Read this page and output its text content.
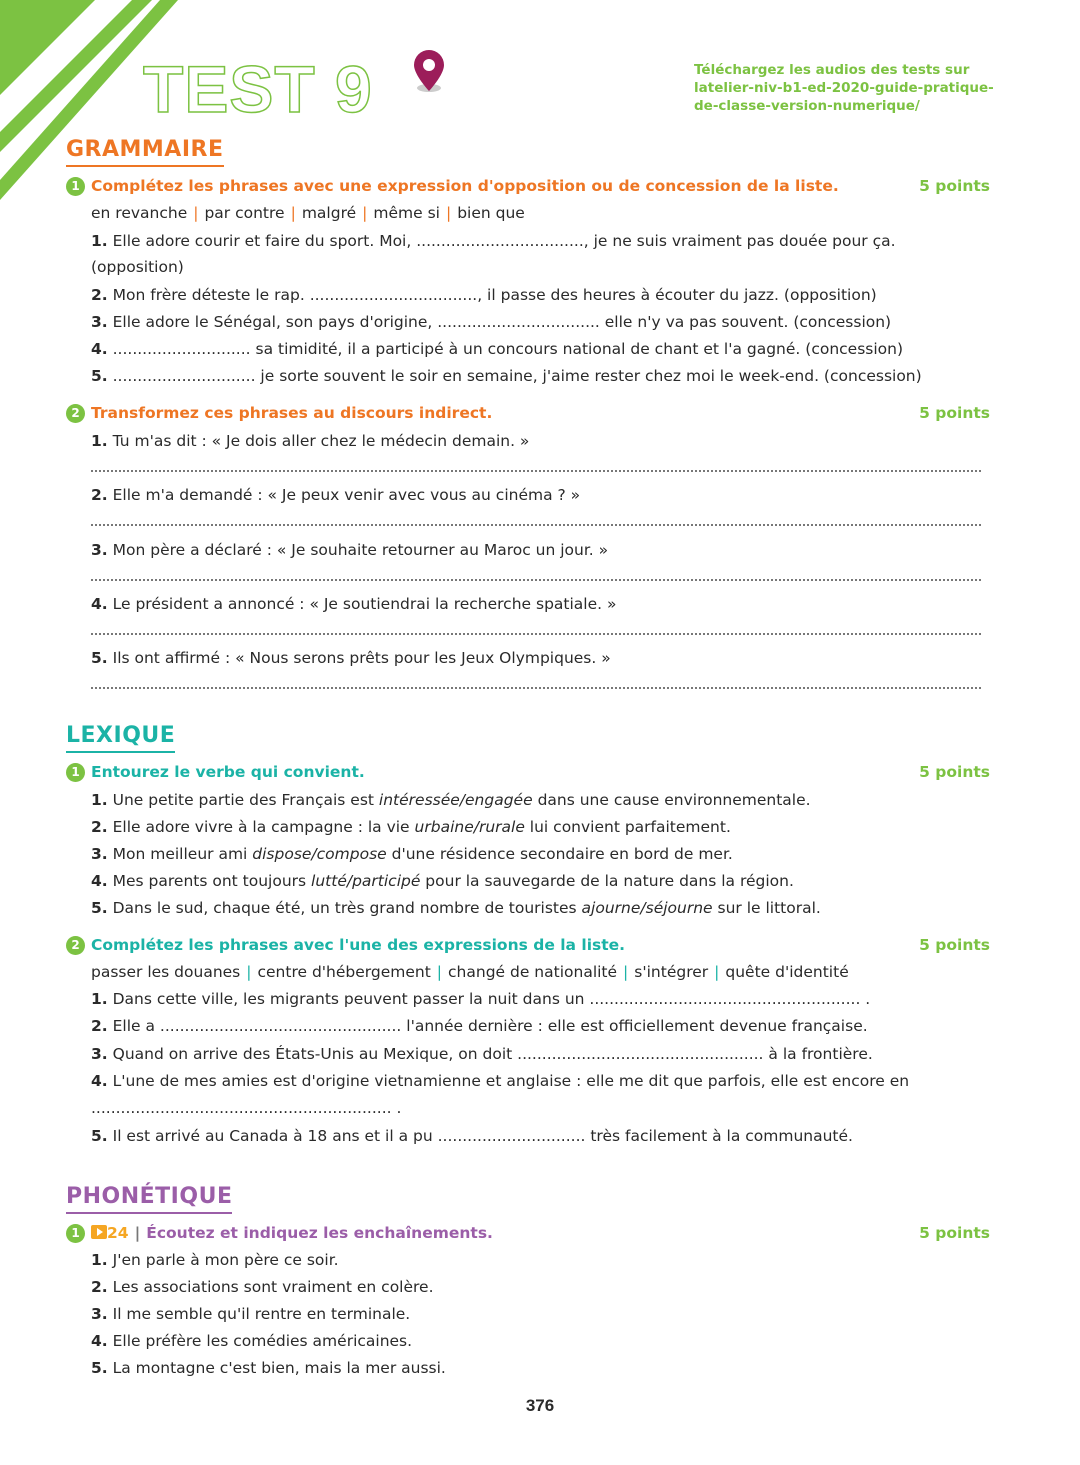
TEST 9	Téléchargez les audios des tests sur
latelier-niv-b1-ed-2020-guide-pratique-
de-classe-version-numerique/
GRAMMAIRE
1 Complétez les phrases avec une expression d'opposition ou de concession de la liste.	5 points
en revanche | par contre | malgré | même si | bien que
1. Elle adore courir et faire du sport. Moi, .................................., je ne suis vraiment pas douée pour ça.
(opposition)
2. Mon frère déteste le rap. .................................., il passe des heures à écouter du jazz. (opposition)
3. Elle adore le Sénégal, son pays d'origine, ................................. elle n'y va pas souvent. (concession)
4. ............................ sa timidité, il a participé à un concours national de chant et l'a gagné. (concession)
5. ............................. je sorte souvent le soir en semaine, j'aime rester chez moi le week-end. (concession)
2 Transformez ces phrases au discours indirect.	5 points
1. Tu m'as dit : « Je dois aller chez le médecin demain. »
2. Elle m'a demandé : « Je peux venir avec vous au cinéma ? »
3. Mon père a déclaré : « Je souhaite retourner au Maroc un jour. »
4. Le président a annoncé : « Je soutiendrai la recherche spatiale. »
5. Ils ont affirmé : « Nous serons prêts pour les Jeux Olympiques. »
LEXIQUE
1 Entourez le verbe qui convient.	5 points
1. Une petite partie des Français est intéressée/engagée dans une cause environnementale.
2. Elle adore vivre à la campagne : la vie urbaine/rurale lui convient parfaitement.
3. Mon meilleur ami dispose/compose d'une résidence secondaire en bord de mer.
4. Mes parents ont toujours lutté/participé pour la sauvegarde de la nature dans la région.
5. Dans le sud, chaque été, un très grand nombre de touristes ajourne/séjourne sur le littoral.
2 Complétez les phrases avec l'une des expressions de la liste.	5 points
passer les douanes | centre d'hébergement | changé de nationalité | s'intégrer | quête d'identité
1. Dans cette ville, les migrants peuvent passer la nuit dans un ....................................................... .
2. Elle a ................................................. l'année dernière : elle est officiellement devenue française.
3. Quand on arrive des États-Unis au Mexique, on doit .................................................. à la frontière.
4. L'une de mes amies est d'origine vietnamienne et anglaise : elle me dit que parfois, elle est encore en
............................................................. .
5. Il est arrivé au Canada à 18 ans et il a pu .............................. très facilement à la communauté.
PHONÉTIQUE
1 24 | Écoutez et indiquez les enchaînements.	5 points
1. J'en parle à mon père ce soir.
2. Les associations sont vraiment en colère.
3. Il me semble qu'il rentre en terminale.
4. Elle préfère les comédies américaines.
5. La montagne c'est bien, mais la mer aussi.
376
